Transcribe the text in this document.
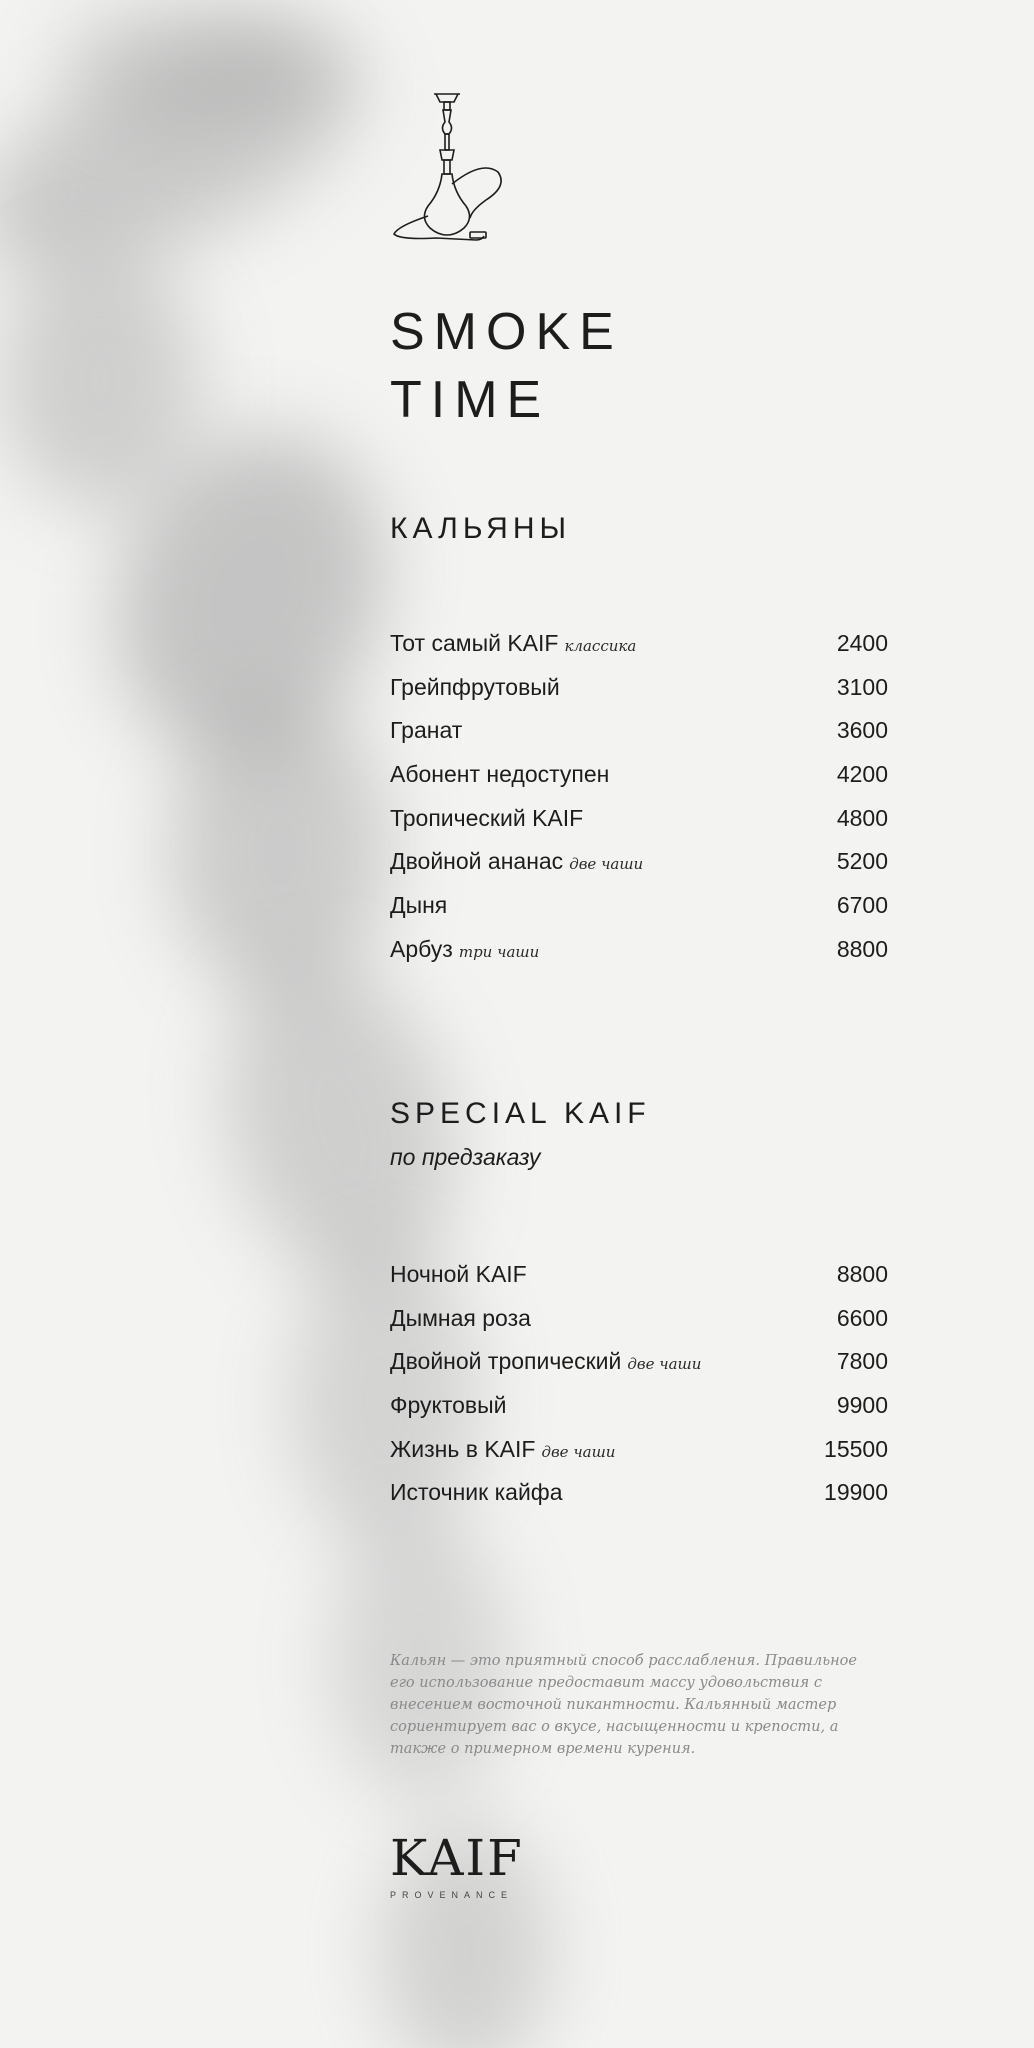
SMOKE
TIME
КАЛЬЯНЫ
Тот самый KAIF классика	2400
Грейпфрутовый	3100
Гранат	3600
Абонент недоступен	4200
Тропический KAIF	4800
Двойной ананас две чаши	5200
Дыня	6700
Арбуз три чаши	8800
SPECIAL KAIF
по предзаказу
Ночной KAIF	8800
Дымная роза	6600
Двойной тропический две чаши	7800
Фруктовый	9900
Жизнь в KAIF две чаши	15500
Источник кайфа	19900

Кальян — это приятный способ расслабления. Правильное его использование предоставит массу удовольствия с внесением восточной пикантности. Кальянный мастер сориентирует вас о вкусе, насыщенности и крепости, а также о примерном времени курения.

KAIF
PROVENANCE
